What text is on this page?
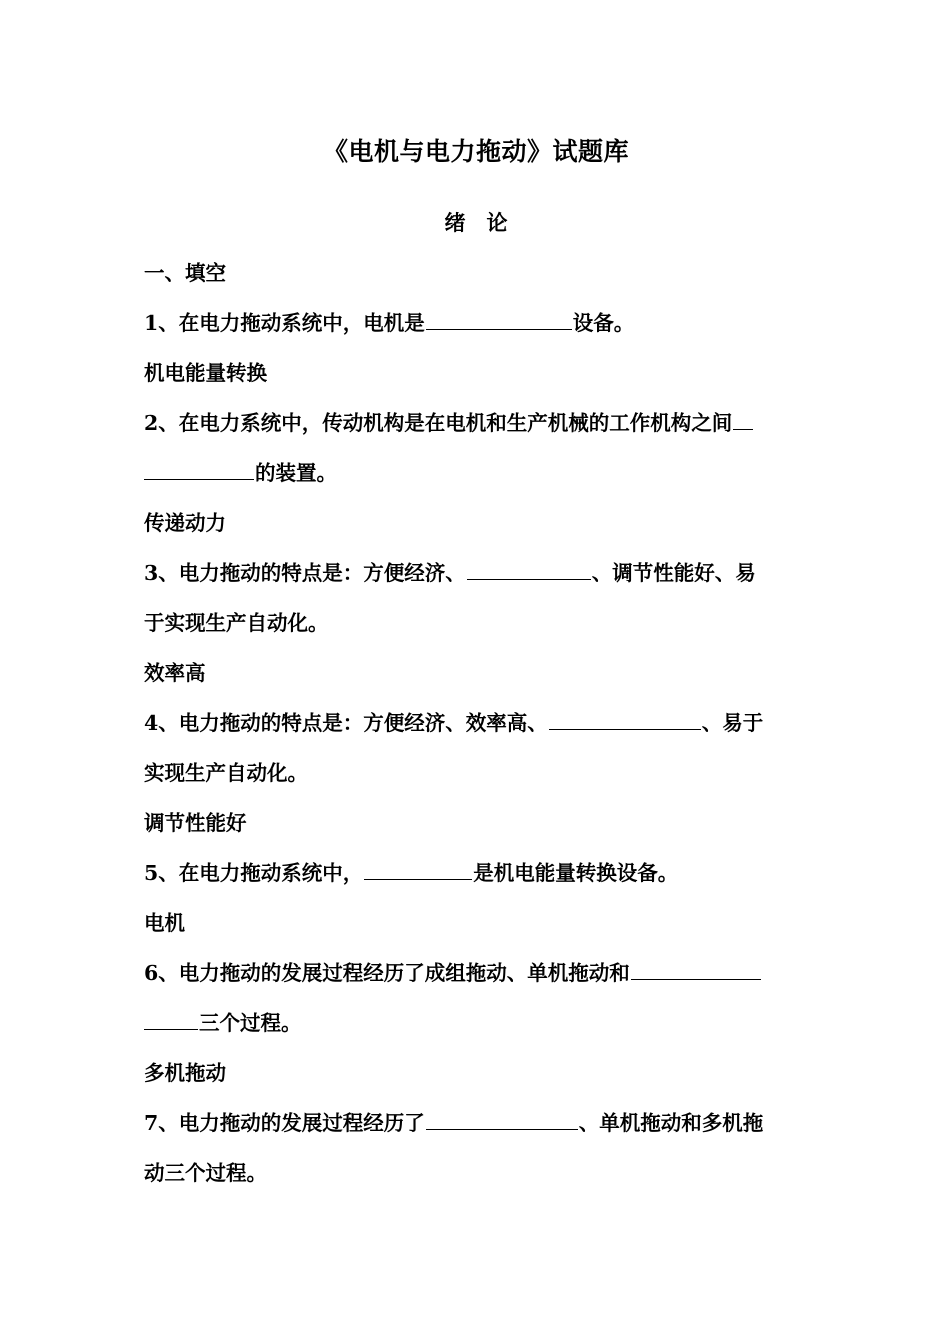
《电机与电力拖动》试题库
绪　论
一、填空
1、在电力拖动系统中，电机是	设备。
机电能量转换
2、在电力系统中，传动机构是在电机和生产机械的工作机构之间
的装置。
传递动力
3、电力拖动的特点是：方便经济、	、调节性能好、易
于实现生产自动化。
效率高
4、电力拖动的特点是：方便经济、效率高、	、易于
实现生产自动化。
调节性能好
5、在电力拖动系统中，	是机电能量转换设备。
电机
6、电力拖动的发展过程经历了成组拖动、单机拖动和
三个过程。
多机拖动
7、电力拖动的发展过程经历了	、单机拖动和多机拖
动三个过程。
